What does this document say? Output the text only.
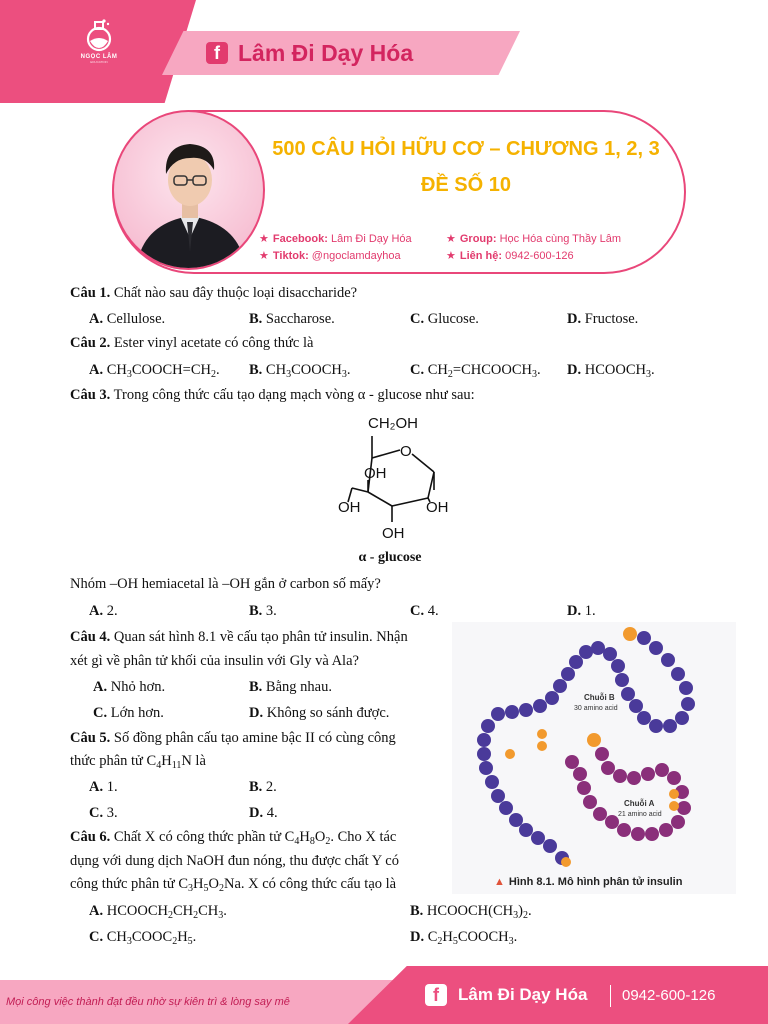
NGỌC LÂM
EDUCATION	f Lâm Đi Dạy Hóa
500 CÂU HỎI HỮU CƠ – CHƯƠNG 1, 2, 3
ĐỀ SỐ 10
★ Facebook: Lâm Đi Dạy Hóa	★ Group: Học Hóa cùng Thầy Lâm
★ Tiktok: @ngoclamdayhoa	★ Liên hệ: 0942-600-126
Câu 1. Chất nào sau đây thuộc loại disaccharide?
A. Cellulose.	B. Saccharose.	C. Glucose.	D. Fructose.
Câu 2. Ester vinyl acetate có công thức là
A. $CH_3COOCH=CH_2$. B. $CH_3COOCH_3$.	C. $CH_2=CHCOOCH_3$. D. $HCOOCH_3$.
Câu 3. Trong công thức cấu tạo dạng mạch vòng α - glucose như sau:
CH₂OH
O
OH
OH	OH
OH
α - glucose
Nhóm –OH hemiacetal là –OH gắn ở carbon số mấy?
A. 2.	B. 3.	C. 4.	D. 1.
Câu 4. Quan sát hình 8.1 về cấu tạo phân tử insulin. Nhận
xét gì về phân tử khối của insulin với Gly và Ala?
A. Nhỏ hơn.	B. Bằng nhau.
C. Lớn hơn.	D. Không so sánh được.
Câu 5. Số đồng phân cấu tạo amine bậc II có cùng công
thức phân tử $C_4H_{11}N$ là
A. 1.	B. 2.
C. 3.	D. 4.
Câu 6. Chất X có công thức phần tử $C_4H_8O_2$. Cho X tác
dụng với dung dịch NaOH đun nóng, thu được chất Y có
công thức phân tử $C_3H_5O_2Na$. X có công thức cấu tạo là
A. $HCOOCH_2CH_2CH_3$.	B. $HCOOCH(CH_3)_2$.
C. $CH_3COOC_2H_5$.	D. $C_2H_5COOCH_3$.
Chuỗi B
30 amino acid
Chuỗi A
21 amino acid
▲ Hình 8.1. Mô hình phân tử insulin
Mọi công việc thành đạt đều nhờ sự kiên trì & lòng say mê	f	Lâm Đi Dạy Hóa 0942-600-126
